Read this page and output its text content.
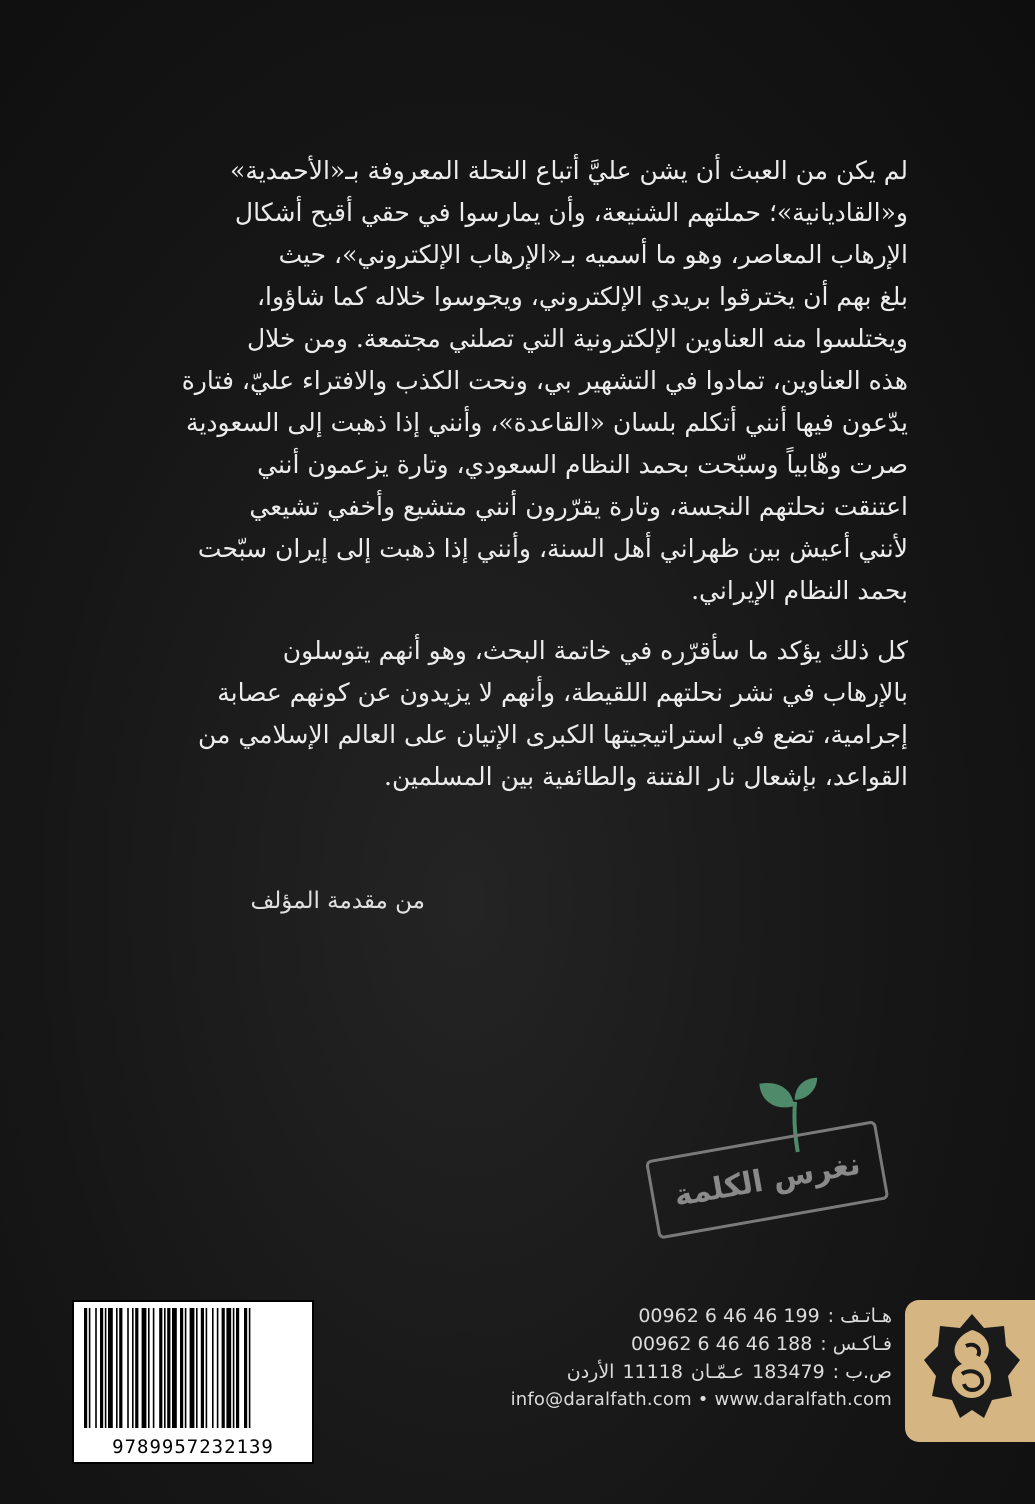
لم يكن من العبث أن يشن عليَّ أتباع النحلة المعروفة بـ«الأحمدية»
و«القاديانية»؛ حملتهم الشنيعة، وأن يمارسوا في حقي أقبح أشكال
الإرهاب المعاصر، وهو ما أسميه بـ«الإرهاب الإلكتروني»، حيث
بلغ بهم أن يخترقوا بريدي الإلكتروني، ويجوسوا خلاله كما شاؤوا،
ويختلسوا منه العناوين الإلكترونية التي تصلني مجتمعة. ومن خلال
هذه العناوين، تمادوا في التشهير بي، ونحت الكذب والافتراء عليّ، فتارة
يدّعون فيها أنني أتكلم بلسان «القاعدة»، وأنني إذا ذهبت إلى السعودية
صرت وهّابياً وسبّحت بحمد النظام السعودي، وتارة يزعمون أنني
اعتنقت نحلتهم النجسة، وتارة يقرّرون أنني متشيع وأخفي تشيعي
لأنني أعيش بين ظهراني أهل السنة، وأنني إذا ذهبت إلى إيران سبّحت
بحمد النظام الإيراني.
كل ذلك يؤكد ما سأقرّره في خاتمة البحث، وهو أنهم يتوسلون
بالإرهاب في نشر نحلتهم اللقيطة، وأنهم لا يزيدون عن كونهم عصابة
إجرامية، تضع في استراتيجيتها الكبرى الإتيان على العالم الإسلامي من
القواعد، بإشعال نار الفتنة والطائفية بين المسلمين.
من مقدمة المؤلف
نغرس الكلمة
9789957232139
00962 6 46 46 199 هـاتـف :
00962 6 46 46 188 فـاكـس :
الأردن 11118 عـمّـان 183479 ص.ب :
info@daralfath.com • www.daralfath.com
